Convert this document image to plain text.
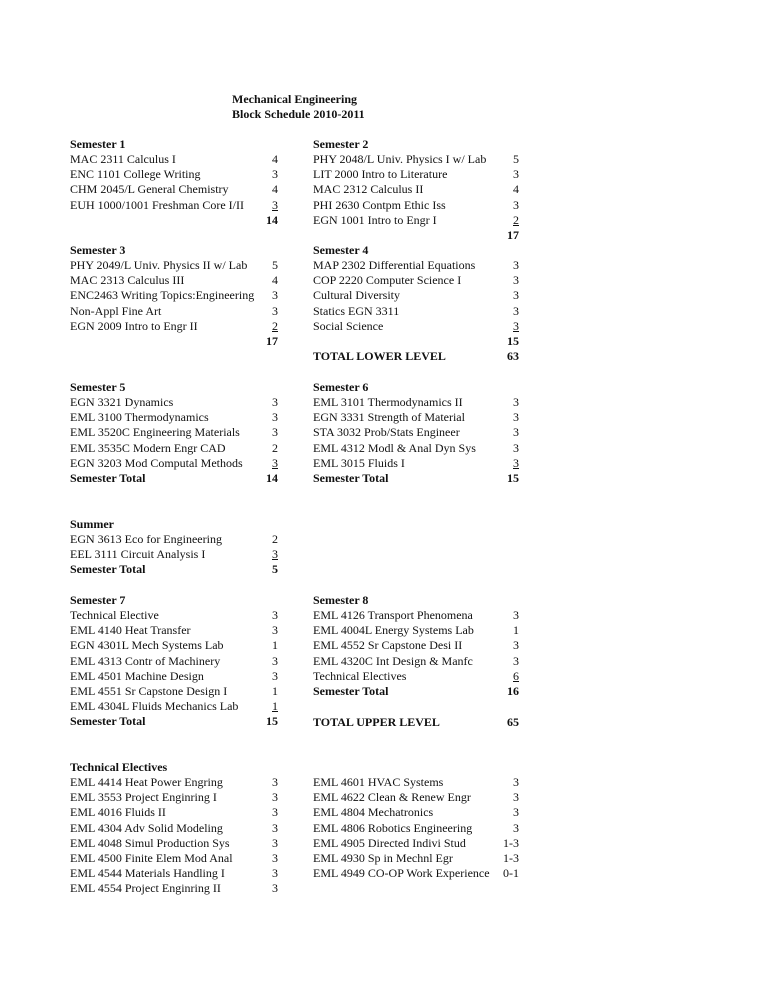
Mechanical Engineering
Block Schedule 2010-2011
Semester 1
MAC 2311 Calculus I	4
ENC 1101 College Writing	3
CHM 2045/L General Chemistry	4
EUH 1000/1001 Freshman Core I/II 3
14
Semester 2
PHY 2048/L Univ. Physics I w/ Lab 5
LIT 2000 Intro to Literature	3
MAC 2312 Calculus II	4
PHI 2630 Contpm Ethic Iss	3
EGN 1001 Intro to Engr I	2
17
Semester 3
PHY 2049/L Univ. Physics II w/ Lab 5
MAC 2313 Calculus III	4
ENC2463 Writing Topics:Engineering 3
Non-Appl Fine Art	3
EGN 2009 Intro to Engr II	2
17
Semester 4
MAP 2302 Differential Equations	3
COP 2220 Computer Science I	3
Cultural Diversity	3
Statics EGN 3311	3
Social Science	3
15
TOTAL LOWER LEVEL	63
Semester 5
EGN 3321 Dynamics	3
EML 3100 Thermodynamics	3
EML 3520C Engineering Materials	3
EML 3535C Modern Engr CAD	2
EGN 3203 Mod Computal Methods 3
Semester Total	14
Semester 6
EML 3101 Thermodynamics II	3
EGN 3331 Strength of Material	3
STA 3032 Prob/Stats Engineer	3
EML 4312 Modl & Anal Dyn Sys	3
EML 3015 Fluids I	3
Semester Total	15
Summer
EGN 3613 Eco for Engineering	2
EEL 3111 Circuit Analysis I	3
Semester Total	5
Semester 7
Technical Elective	3
EML 4140 Heat Transfer	3
EGN 4301L Mech Systems Lab	1
EML 4313 Contr of Machinery	3
EML 4501 Machine Design	3
EML 4551 Sr Capstone Design I	1
EML 4304L Fluids Mechanics Lab	1
Semester Total	15
Semester 8
EML 4126 Transport Phenomena	3
EML 4004L Energy Systems Lab	1
EML 4552 Sr Capstone Desi II	3
EML 4320C Int Design & Manfc	3
Technical Electives	6
Semester Total	16
TOTAL UPPER LEVEL	65
Technical Electives
EML 4414 Heat Power Engring	3
EML 3553 Project Enginring I	3
EML 4016 Fluids II	3
EML 4304 Adv Solid Modeling	3
EML 4048 Simul Production Sys	3
EML 4500 Finite Elem Mod Anal	3
EML 4544 Materials Handling I	3
EML 4554 Project Enginring II	3
EML 4601 HVAC Systems	3
EML 4622 Clean & Renew Engr	3
EML 4804 Mechatronics	3
EML 4806 Robotics Engineering	3
EML 4905 Directed Indivi Stud	1-3
EML 4930 Sp in Mechnl Egr	1-3
EML 4949 CO-OP Work Experience 0-1
